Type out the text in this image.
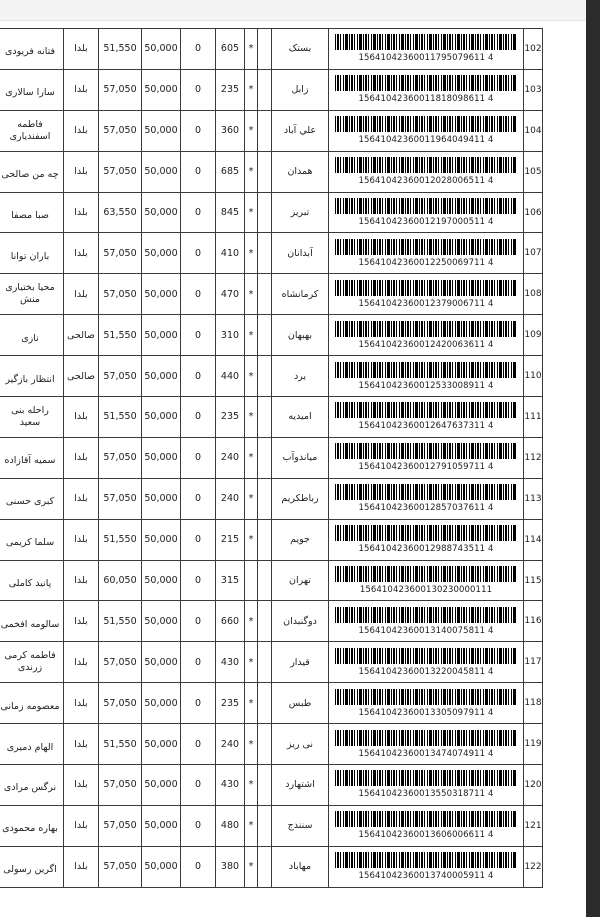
فتانه فریودی	بلدا	51,550	50,000	0	605	*		بستک	15641042360011795079611 4	102
سارا سالاری	بلدا	57,050	50,000	0	235	*		زابل	15641042360011818098611 4	103
فاطمه اسفندیاری	بلدا	57,050	50,000	0	360	*		علي آباد	15641042360011964049411 4	104
چه من صالحی	بلدا	57,050	50,000	0	685	*		همدان	15641042360012028006511 4	105
صبا مصفا	بلدا	63,550	50,000	0	845	*		تبریز	15641042360012197000511 4	106
باران توانا	بلدا	57,050	50,000	0	410	*		آبدانان	15641042360012250069711 4	107
محیا بختیاری منش	بلدا	57,050	50,000	0	470	*		کرمانشاه	15641042360012379006711 4	108
نازی	صالحی	51,550	50,000	0	310	*		بهبهان	15641042360012420063611 4	109
انتظار بازگیر	صالحی	57,050	50,000	0	440	*		یرد	15641042360012533008911 4	110
راحله بنی سعید	بلدا	51,550	50,000	0	235	*		امیدیه	15641042360012647637311 4	111
سمیه آقازاده	بلدا	57,050	50,000	0	240	*		میاندوآب	15641042360012791059711 4	112
کبری حسنی	بلدا	57,050	50,000	0	240	*		رباطکریم	15641042360012857037611 4	113
سلما کریمی	بلدا	51,550	50,000	0	215	*		جویم	15641042360012988743511 4	114
پانید کاملی	بلدا	60,050	50,000	0	315			تهران	156410423600130230000111	115
سالومه افخمی	بلدا	51,550	50,000	0	660	*		دوگنبدان	15641042360013140075811 4	116
فاطمه کرمی زرندی	بلدا	57,050	50,000	0	430	*		قیدار	15641042360013220045811 4	117
معصومه زمانی	بلدا	57,050	50,000	0	235	*		طبس	15641042360013305097911 4	118
الهام دمیری	بلدا	51,550	50,000	0	240	*		نی ریز	15641042360013474074911 4	119
نرگس مرادی	بلدا	57,050	50,000	0	430	*		اشتهارد	15641042360013550318711 4	120
بهاره محمودی	بلدا	57,050	50,000	0	480	*		سنندج	15641042360013606006611 4	121
اگرین رسولی	بلدا	57,050	50,000	0	380	*		مهاباد	15641042360013740005911 4	122
